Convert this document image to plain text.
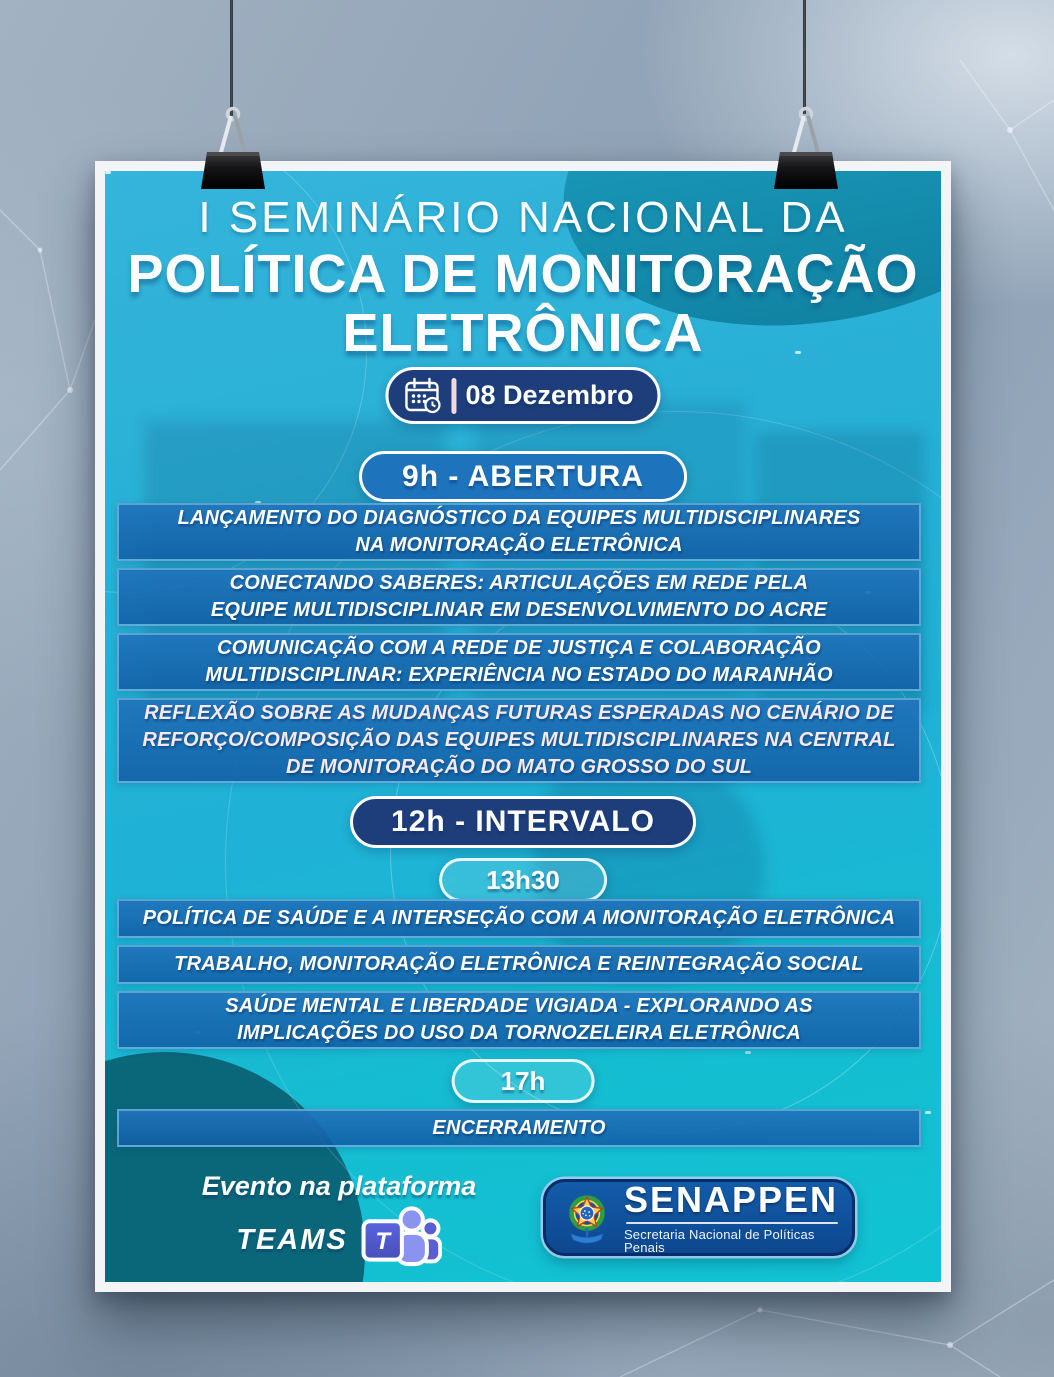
I SEMINÁRIO NACIONAL DA
POLÍTICA DE MONITORAÇÃO
ELETRÔNICA
08 Dezembro
9h - ABERTURA
LANÇAMENTO DO DIAGNÓSTICO DA EQUIPES MULTIDISCIPLINARES NA MONITORAÇÃO ELETRÔNICA
CONECTANDO SABERES: ARTICULAÇÕES EM REDE PELA EQUIPE MULTIDISCIPLINAR EM DESENVOLVIMENTO DO ACRE
COMUNICAÇÃO COM A REDE DE JUSTIÇA E COLABORAÇÃO MULTIDISCIPLINAR: EXPERIÊNCIA NO ESTADO DO MARANHÃO
REFLEXÃO SOBRE AS MUDANÇAS FUTURAS ESPERADAS NO CENÁRIO DE REFORÇO/COMPOSIÇÃO DAS EQUIPES MULTIDISCIPLINARES NA CENTRAL DE MONITORAÇÃO DO MATO GROSSO DO SUL
12h - INTERVALO
13h30
POLÍTICA DE SAÚDE E A INTERSEÇÃO COM A MONITORAÇÃO ELETRÔNICA
TRABALHO, MONITORAÇÃO ELETRÔNICA E REINTEGRAÇÃO SOCIAL
SAÚDE MENTAL E LIBERDADE VIGIADA - EXPLORANDO AS IMPLICAÇÕES DO USO DA TORNOZELEIRA ELETRÔNICA
17h
ENCERRAMENTO
Evento na plataforma
TEAMS T
SENAPPEN
Secretaria Nacional de Políticas Penais
